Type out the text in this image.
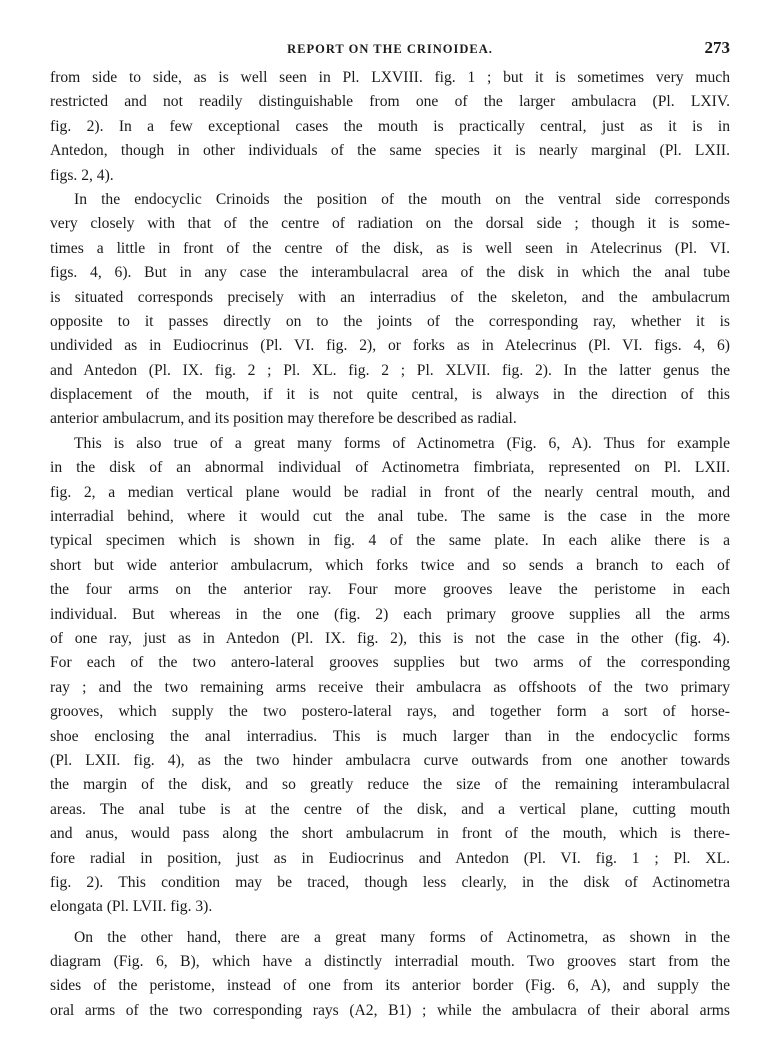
REPORT ON THE CRINOIDEA.	273
from side to side, as is well seen in Pl. LXVIII. fig. 1 ; but it is sometimes very much
restricted and not readily distinguishable from one of the larger ambulacra (Pl. LXIV.
fig. 2). In a few exceptional cases the mouth is practically central, just as it is in
Antedon, though in other individuals of the same species it is nearly marginal (Pl. LXII.
figs. 2, 4).
In the endocyclic Crinoids the position of the mouth on the ventral side corresponds
very closely with that of the centre of radiation on the dorsal side ; though it is some-
times a little in front of the centre of the disk, as is well seen in Atelecrinus (Pl. VI.
figs. 4, 6). But in any case the interambulacral area of the disk in which the anal tube
is situated corresponds precisely with an interradius of the skeleton, and the ambulacrum
opposite to it passes directly on to the joints of the corresponding ray, whether it is
undivided as in Eudiocrinus (Pl. VI. fig. 2), or forks as in Atelecrinus (Pl. VI. figs. 4, 6)
and Antedon (Pl. IX. fig. 2 ; Pl. XL. fig. 2 ; Pl. XLVII. fig. 2). In the latter genus the
displacement of the mouth, if it is not quite central, is always in the direction of this
anterior ambulacrum, and its position may therefore be described as radial.
This is also true of a great many forms of Actinometra (Fig. 6, A). Thus for example
in the disk of an abnormal individual of Actinometra fimbriata, represented on Pl. LXII.
fig. 2, a median vertical plane would be radial in front of the nearly central mouth, and
interradial behind, where it would cut the anal tube. The same is the case in the more
typical specimen which is shown in fig. 4 of the same plate. In each alike there is a
short but wide anterior ambulacrum, which forks twice and so sends a branch to each of
the four arms on the anterior ray. Four more grooves leave the peristome in each
individual. But whereas in the one (fig. 2) each primary groove supplies all the arms
of one ray, just as in Antedon (Pl. IX. fig. 2), this is not the case in the other (fig. 4).
For each of the two antero-lateral grooves supplies but two arms of the corresponding
ray ; and the two remaining arms receive their ambulacra as offshoots of the two primary
grooves, which supply the two postero-lateral rays, and together form a sort of horse-
shoe enclosing the anal interradius. This is much larger than in the endocyclic forms
(Pl. LXII. fig. 4), as the two hinder ambulacra curve outwards from one another towards
the margin of the disk, and so greatly reduce the size of the remaining interambulacral
areas. The anal tube is at the centre of the disk, and a vertical plane, cutting mouth
and anus, would pass along the short ambulacrum in front of the mouth, which is there-
fore radial in position, just as in Eudiocrinus and Antedon (Pl. VI. fig. 1 ; Pl. XL.
fig. 2). This condition may be traced, though less clearly, in the disk of Actinometra
elongata (Pl. LVII. fig. 3).
On the other hand, there are a great many forms of Actinometra, as shown in the
diagram (Fig. 6, B), which have a distinctly interradial mouth. Two grooves start from the
sides of the peristome, instead of one from its anterior border (Fig. 6, A), and supply the
oral arms of the two corresponding rays (A2, B1) ; while the ambulacra of their aboral arms
